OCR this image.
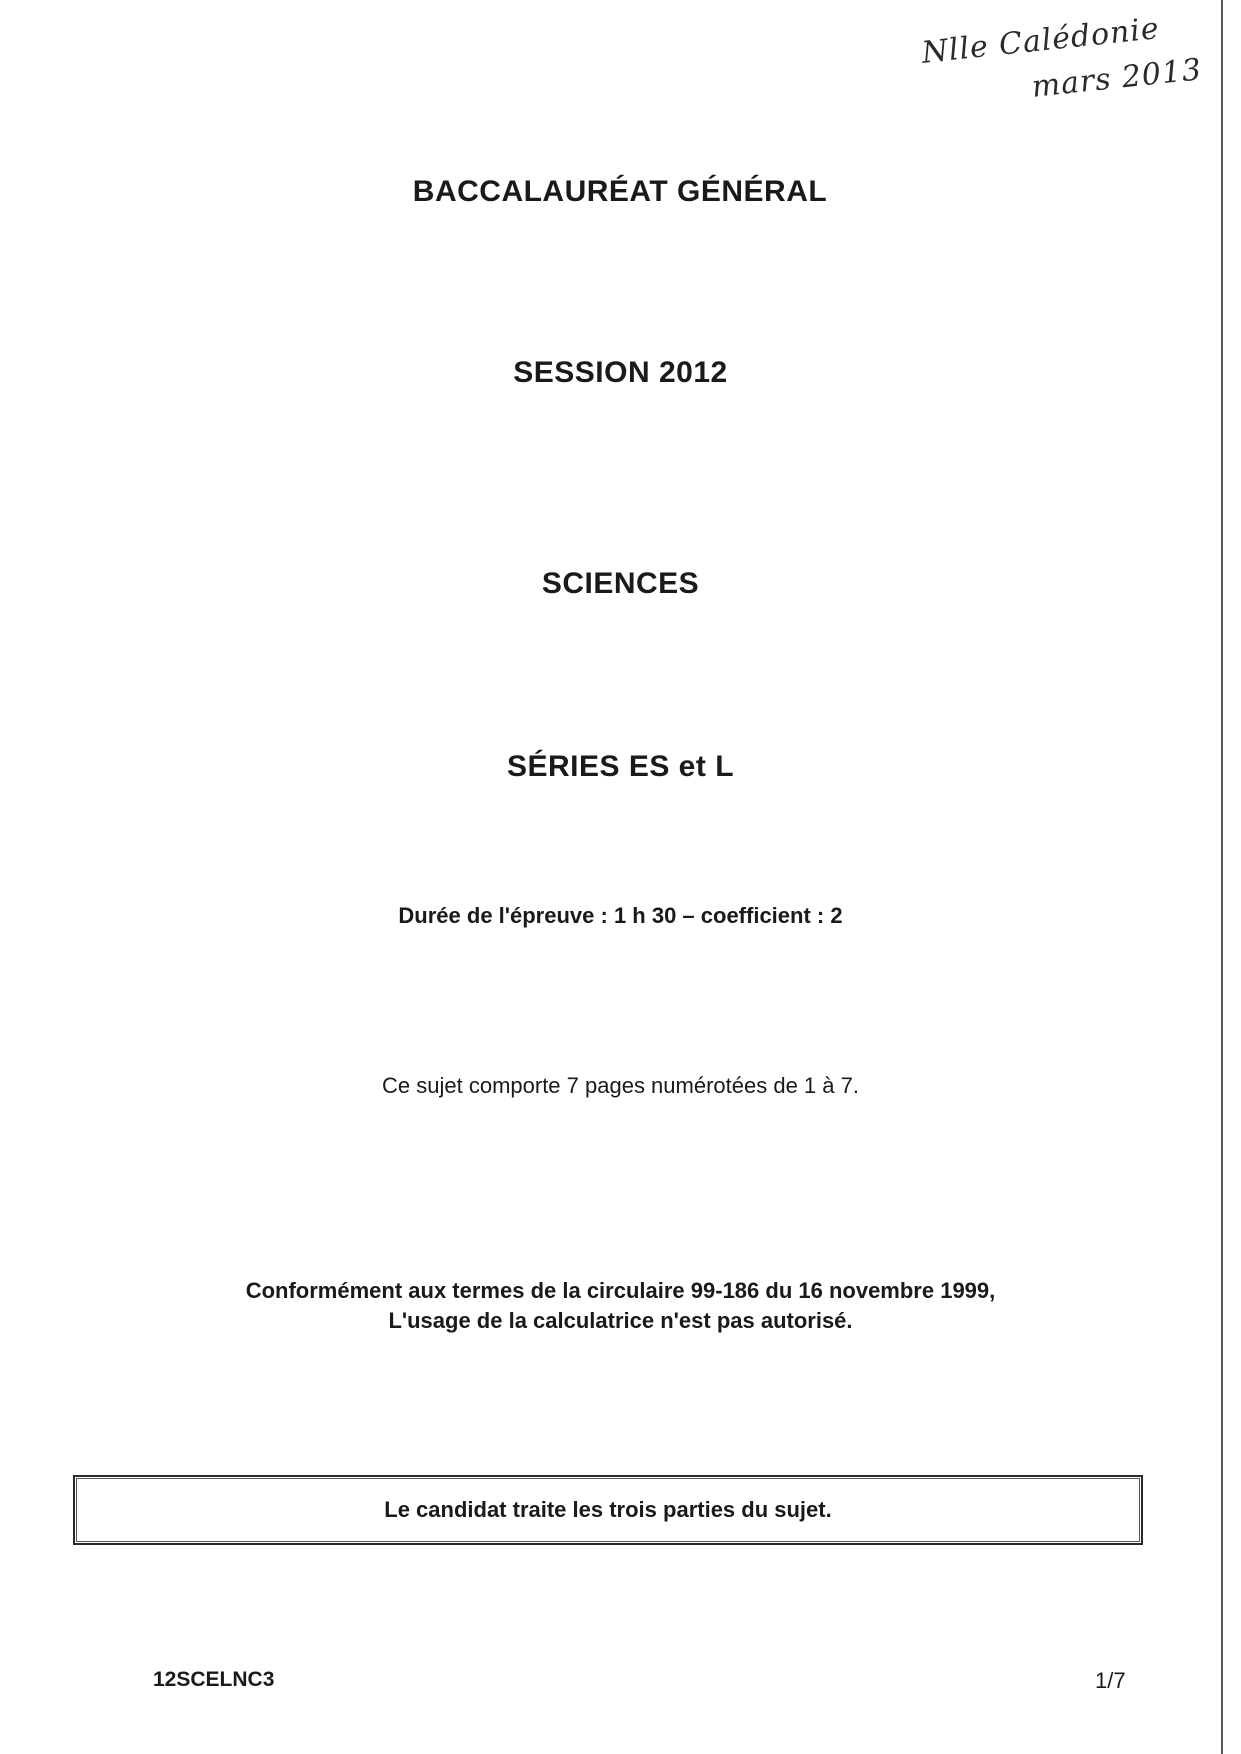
Nlle Calédonie
mars 2013
BACCALAURÉAT GÉNÉRAL
SESSION 2012
SCIENCES
SÉRIES ES et L
Durée de l'épreuve : 1 h 30 – coefficient : 2
Ce sujet comporte 7 pages numérotées de 1 à 7.
Conformément aux termes de la circulaire 99-186 du 16 novembre 1999,
L'usage de la calculatrice n'est pas autorisé.
Le candidat traite les trois parties du sujet.
12SCELNC3	1/7
